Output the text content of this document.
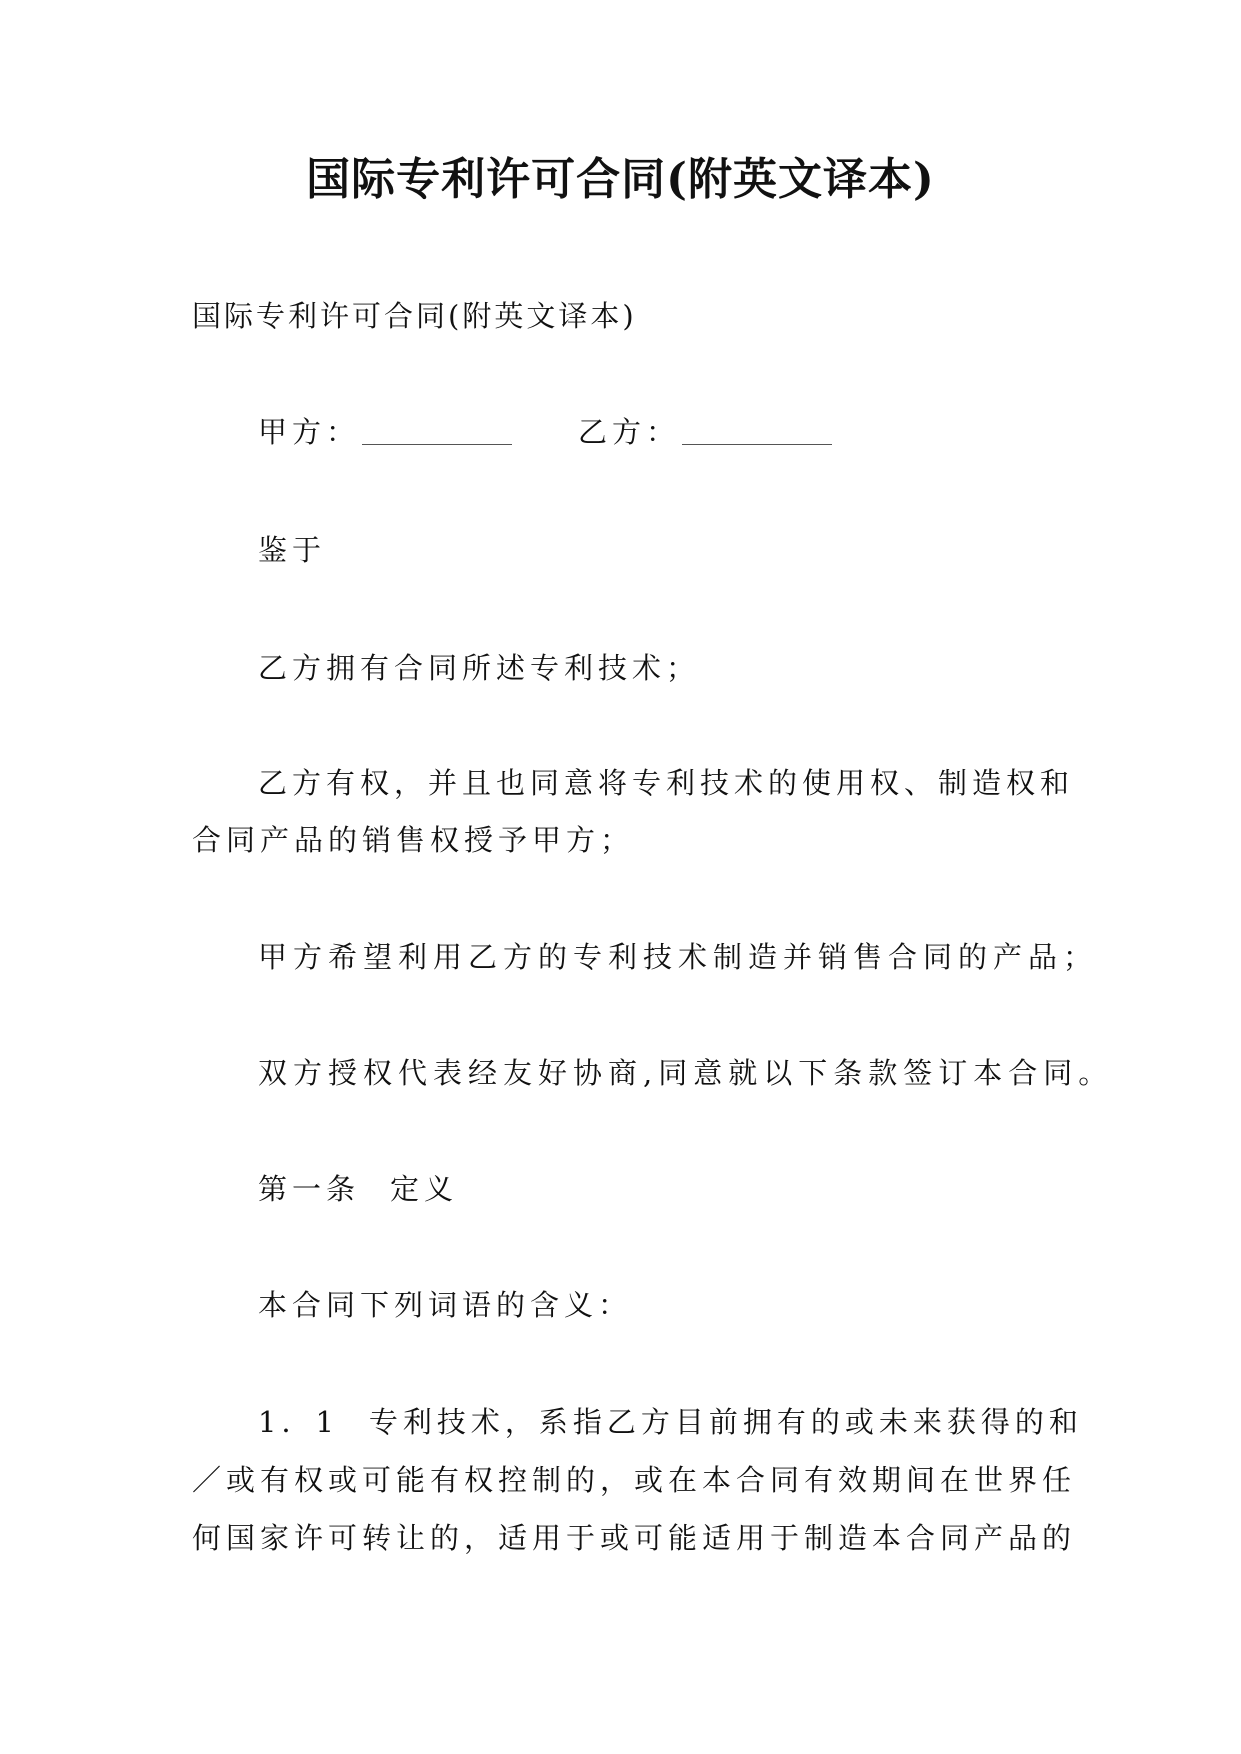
国际专利许可合同(附英文译本)

国际专利许可合同(附英文译本)

甲方：	乙方：

鉴于

乙方拥有合同所述专利技术；

乙方有权，并且也同意将专利技术的使用权、制造权和

合同产品的销售权授予甲方；

甲方希望利用乙方的专利技术制造并销售合同的产品；

双方授权代表经友好协商,同意就以下条款签订本合同。

第一条 定义

本合同下列词语的含义：

1．1 专利技术，系指乙方目前拥有的或未来获得的和

／或有权或可能有权控制的，或在本合同有效期间在世界任

何国家许可转让的，适用于或可能适用于制造本合同产品的
